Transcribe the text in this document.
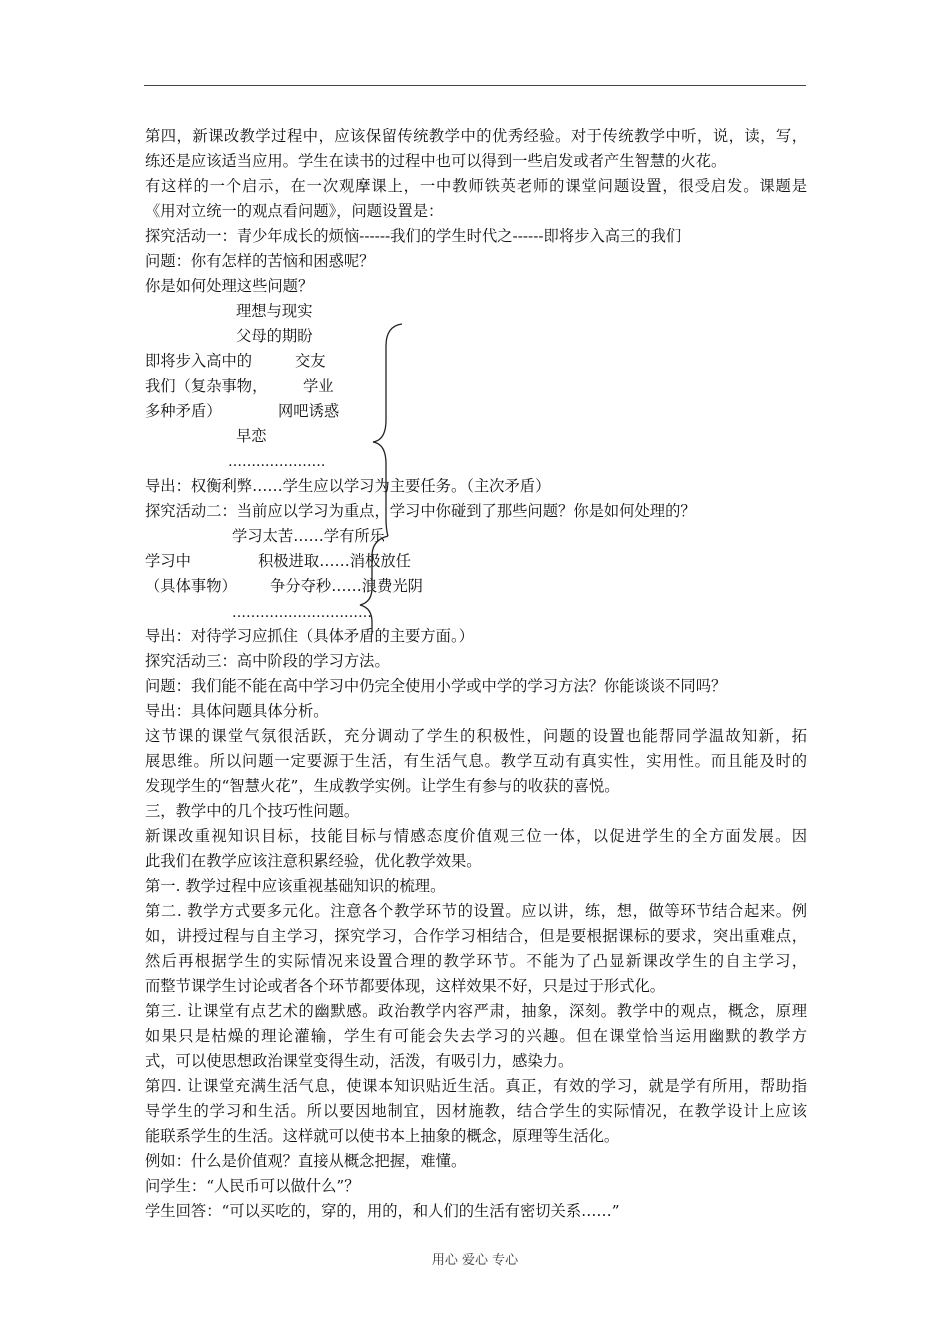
第四，新课改教学过程中，应该保留传统教学中的优秀经验。对于传统教学中听，说，读，写，
练还是应该适当应用。学生在读书的过程中也可以得到一些启发或者产生智慧的火花。
有这样的一个启示，在一次观摩课上，一中教师铁英老师的课堂问题设置，很受启发。课题是
《用对立统一的观点看问题》，问题设置是：
探究活动一：青少年成长的烦恼------我们的学生时代之------即将步入高三的我们
问题：你有怎样的苦恼和困惑呢？
你是如何处理这些问题？
理想与现实
父母的期盼
即将步入高中的	交友
我们（复杂事物， 学业
多种矛盾）	网吧诱惑
早恋
……..………….
导出：权衡利弊……学生应以学习为主要任务。（主次矛盾）
探究活动二：当前应以学习为重点，学习中你碰到了那些问题？你是如何处理的？
学习太苦……学有所乐
学习中	积极进取……消极放任
（具体事物） 争分夺秒……浪费光阴
…………………………
导出：对待学习应抓住（具体矛盾的主要方面。）
探究活动三：高中阶段的学习方法。
问题：我们能不能在高中学习中仍完全使用小学或中学的学习方法？你能谈谈不同吗？
导出：具体问题具体分析。
这节课的课堂气氛很活跃，充分调动了学生的积极性，问题的设置也能帮同学温故知新，拓
展思维。所以问题一定要源于生活，有生活气息。教学互动有真实性，实用性。而且能及时的
发现学生的“智慧火花”，生成教学实例。让学生有参与的收获的喜悦。
三，教学中的几个技巧性问题。
新课改重视知识目标，技能目标与情感态度价值观三位一体，以促进学生的全方面发展。因
此我们在教学应该注意积累经验，优化教学效果。
第一. 教学过程中应该重视基础知识的梳理。
第二. 教学方式要多元化。注意各个教学环节的设置。应以讲，练，想，做等环节结合起来。例
如，讲授过程与自主学习，探究学习，合作学习相结合，但是要根据课标的要求，突出重难点，
然后再根据学生的实际情况来设置合理的教学环节。不能为了凸显新课改学生的自主学习，
而整节课学生讨论或者各个环节都要体现，这样效果不好，只是过于形式化。
第三. 让课堂有点艺术的幽默感。政治教学内容严肃，抽象，深刻。教学中的观点，概念，原理
如果只是枯燥的理论灌输，学生有可能会失去学习的兴趣。但在课堂恰当运用幽默的教学方
式，可以使思想政治课堂变得生动，活泼，有吸引力，感染力。
第四. 让课堂充满生活气息，使课本知识贴近生活。真正，有效的学习，就是学有所用，帮助指
导学生的学习和生活。所以要因地制宜，因材施教，结合学生的实际情况，在教学设计上应该
能联系学生的生活。这样就可以使书本上抽象的概念，原理等生活化。
例如：什么是价值观？直接从概念把握，难懂。
问学生：“人民币可以做什么”？
学生回答：“可以买吃的，穿的，用的，和人们的生活有密切关系……”
用心 爱心 专心
